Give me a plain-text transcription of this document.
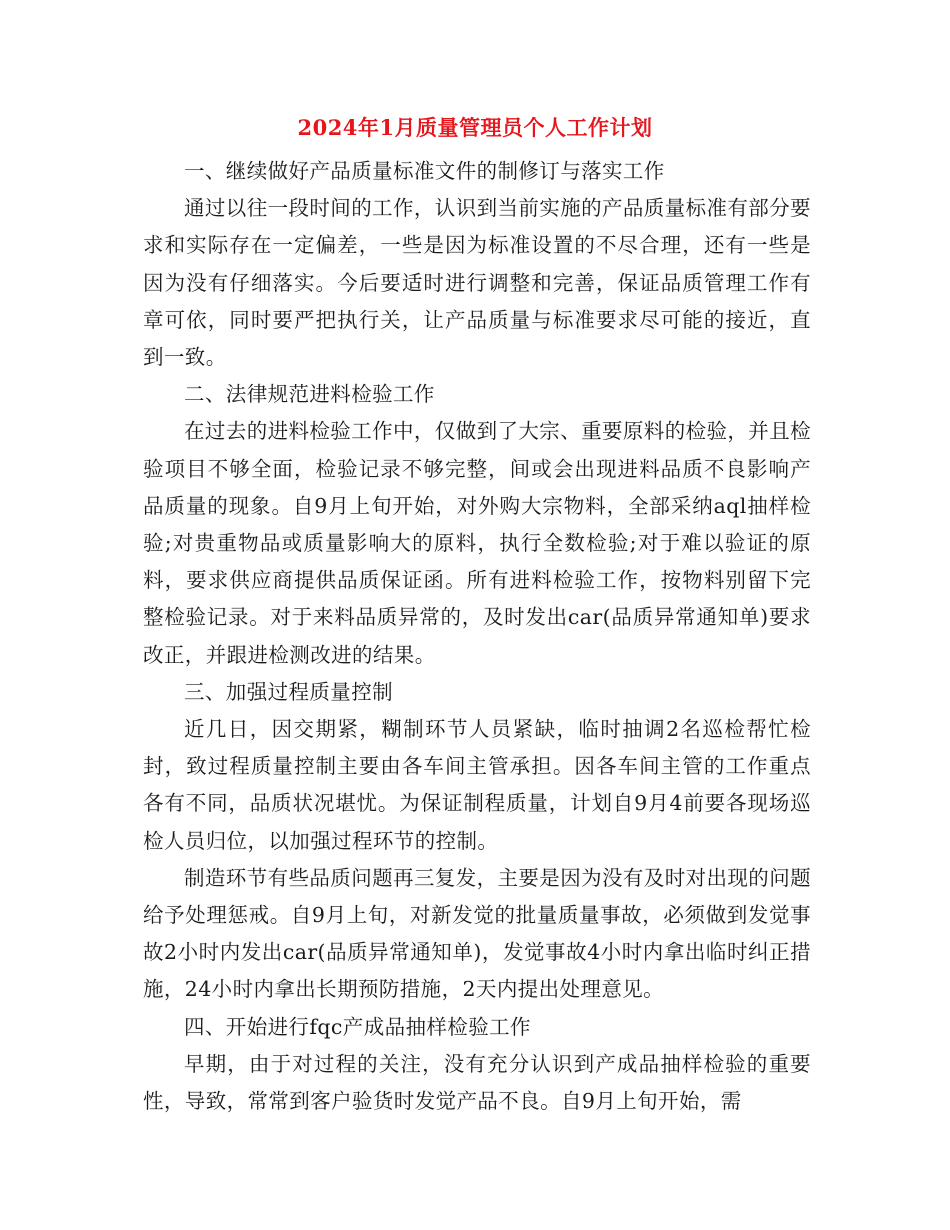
2024年1月质量管理员个人工作计划

一、继续做好产品质量标准文件的制修订与落实工作

通过以往一段时间的工作，认识到当前实施的产品质量标准有部分要求和实际存在一定偏差，一些是因为标准设置的不尽合理，还有一些是因为没有仔细落实。今后要适时进行调整和完善，保证品质管理工作有章可依，同时要严把执行关，让产品质量与标准要求尽可能的接近，直到一致。

二、法律规范进料检验工作

在过去的进料检验工作中，仅做到了大宗、重要原料的检验，并且检验项目不够全面，检验记录不够完整，间或会出现进料品质不良影响产品质量的现象。自9月上旬开始，对外购大宗物料，全部采纳aql抽样检验;对贵重物品或质量影响大的原料，执行全数检验;对于难以验证的原料，要求供应商提供品质保证函。所有进料检验工作，按物料别留下完整检验记录。对于来料品质异常的，及时发出car(品质异常通知单)要求改正，并跟进检测改进的结果。

三、加强过程质量控制

近几日，因交期紧，糊制环节人员紧缺，临时抽调2名巡检帮忙检封，致过程质量控制主要由各车间主管承担。因各车间主管的工作重点各有不同，品质状况堪忧。为保证制程质量，计划自9月4前要各现场巡检人员归位，以加强过程环节的控制。

制造环节有些品质问题再三复发，主要是因为没有及时对出现的问题给予处理惩戒。自9月上旬，对新发觉的批量质量事故，必须做到发觉事故2小时内发出car(品质异常通知单)，发觉事故4小时内拿出临时纠正措施，24小时内拿出长期预防措施，2天内提出处理意见。

四、开始进行fqc产成品抽样检验工作

早期，由于对过程的关注，没有充分认识到产成品抽样检验的重要性，导致，常常到客户验货时发觉产品不良。自9月上旬开始，需
